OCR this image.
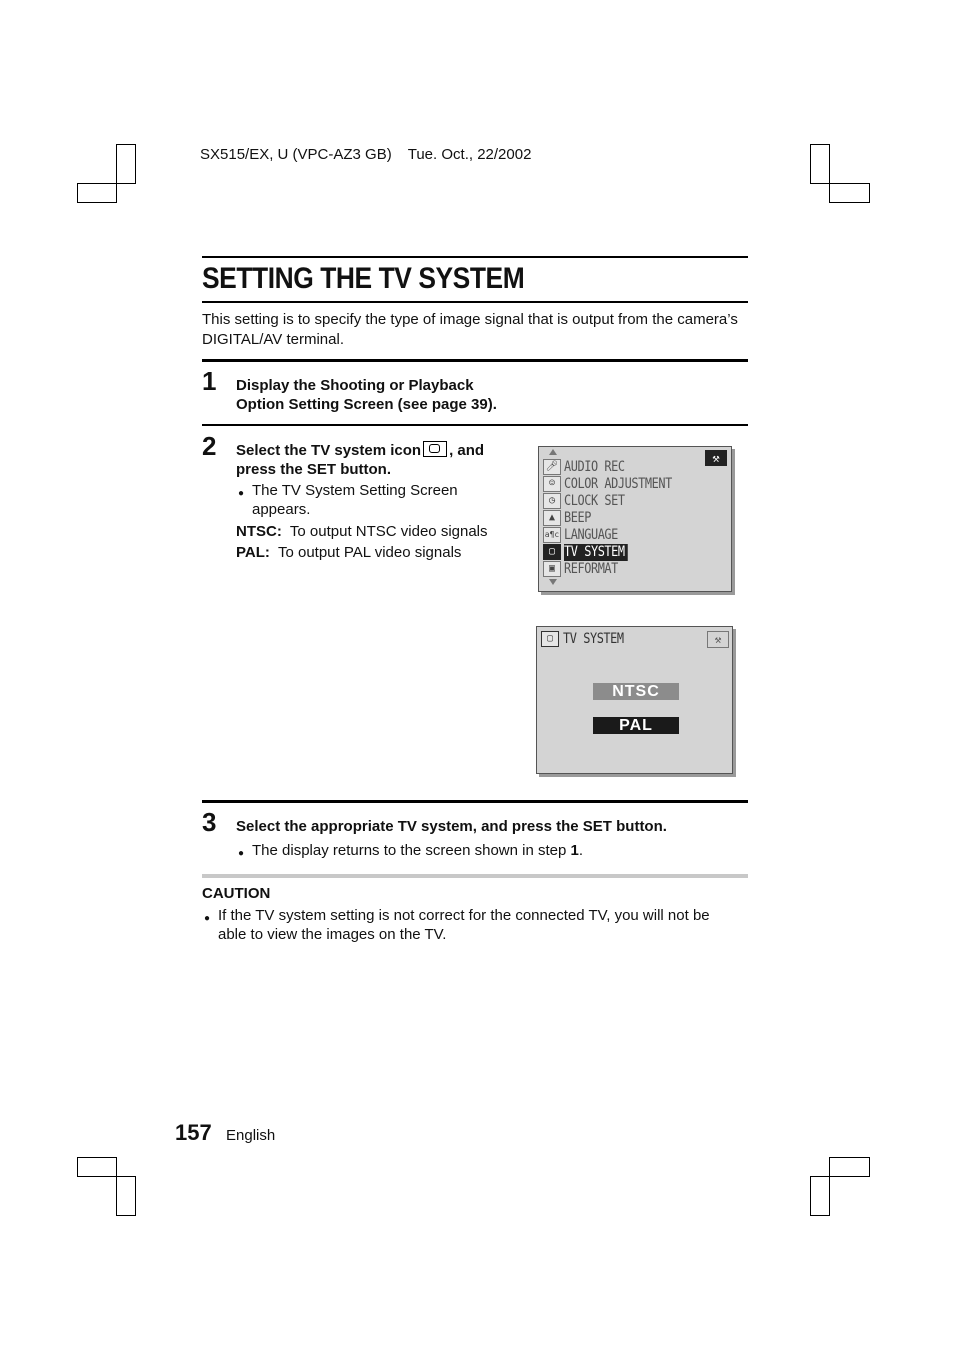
SX515/EX, U (VPC-AZ3 GB) Tue. Oct., 22/2002
SETTING THE TV SYSTEM
This setting is to specify the type of image signal that is output from the camera’s DIGITAL/AV terminal.
1 Display the Shooting or Playback
Option Setting Screen (see page 39).
2 Select the TV system icon , and
press the SET button.
● The TV System Setting Screen
appears.
NTSC: To output NTSC video signals
PAL: To output PAL video signals
⚒
🎤︎ AUDIO REC
☺ COLOR ADJUSTMENT
◷ CLOCK SET
▲ BEEP
a¶c LANGUAGE
▢ TV SYSTEM
▣ REFORMAT
▢ TV SYSTEM	⚒
NTSC
PAL
3 Select the appropriate TV system, and press the SET button.
● The display returns to the screen shown in step 1.
CAUTION
● If the TV system setting is not correct for the connected TV, you will not be
able to view the images on the TV.
157 English
